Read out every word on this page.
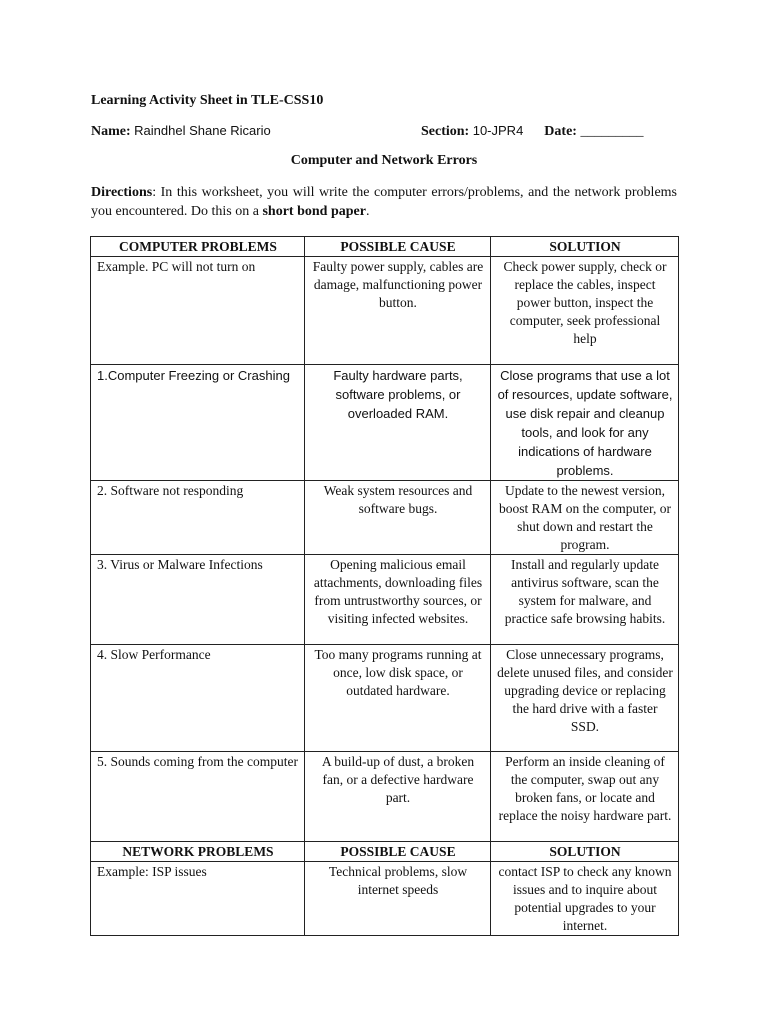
Learning Activity Sheet in TLE-CSS10
Name: Raindhel Shane Ricario	Section: 10-JPR4 Date: _________
Computer and Network Errors
Directions: In this worksheet, you will write the computer errors/problems, and the network problems you encountered. Do this on a short bond paper.
COMPUTER PROBLEMS	POSSIBLE CAUSE	SOLUTION
Example. PC will not turn on	Faulty power supply, cables are damage, malfunctioning power button.	Check power supply, check or replace the cables, inspect power button, inspect the computer, seek professional help
1.Computer Freezing or Crashing	Faulty hardware parts, software problems, or overloaded RAM.	Close programs that use a lot of resources, update software, use disk repair and cleanup tools, and look for any indications of hardware problems.
2. Software not responding	Weak system resources and software bugs.	Update to the newest version, boost RAM on the computer, or shut down and restart the program.
3. Virus or Malware Infections	Opening malicious email attachments, downloading files from untrustworthy sources, or visiting infected websites.	Install and regularly update antivirus software, scan the system for malware, and practice safe browsing habits.
4. Slow Performance	Too many programs running at once, low disk space, or outdated hardware.	Close unnecessary programs, delete unused files, and consider upgrading device or replacing the hard drive with a faster SSD.
5. Sounds coming from the computer	A build-up of dust, a broken fan, or a defective hardware part.	Perform an inside cleaning of the computer, swap out any broken fans, or locate and replace the noisy hardware part.
NETWORK PROBLEMS	POSSIBLE CAUSE	SOLUTION
Example: ISP issues	Technical problems, slow internet speeds	contact ISP to check any known issues and to inquire about potential upgrades to your internet.
